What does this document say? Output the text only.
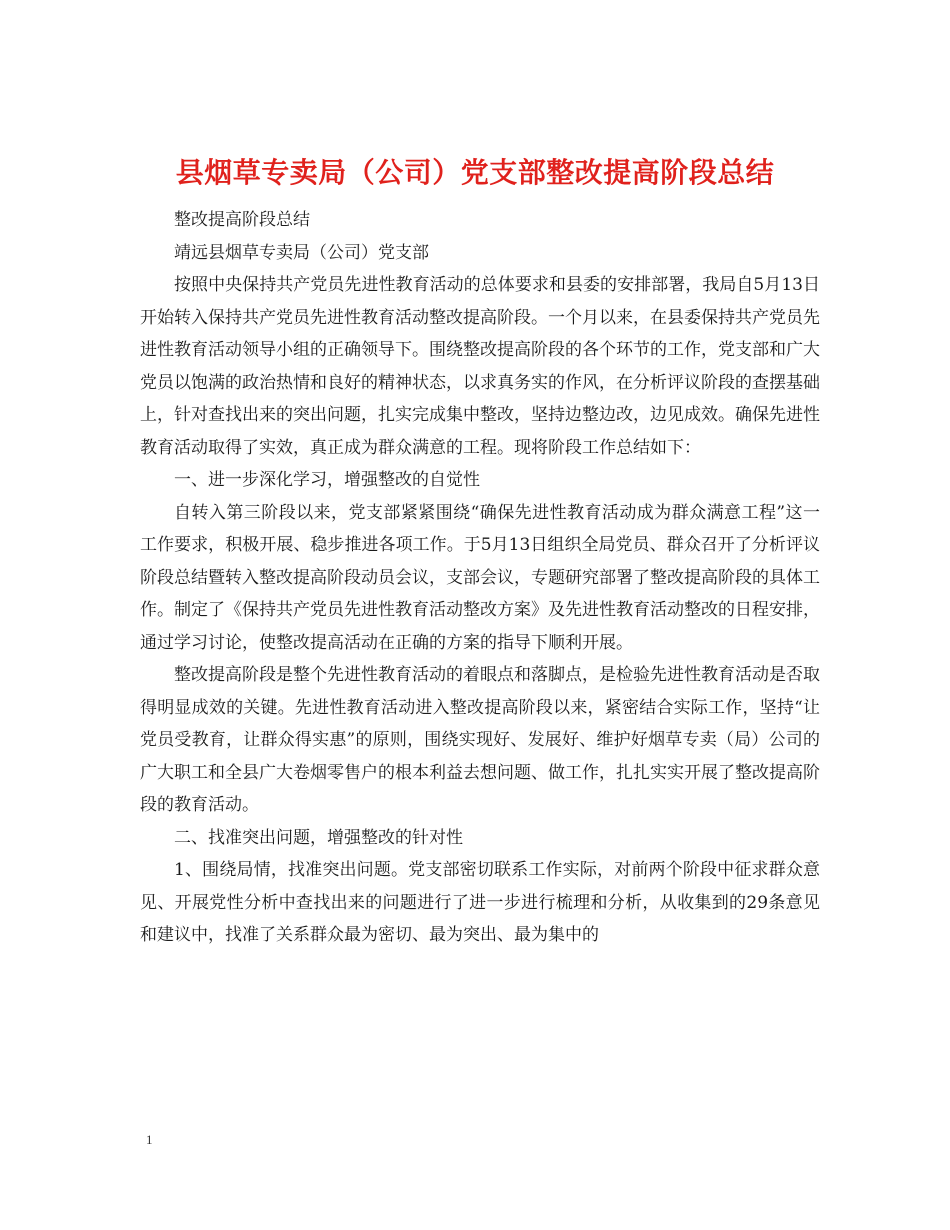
县烟草专卖局（公司）党支部整改提高阶段总结

整改提高阶段总结

靖远县烟草专卖局（公司）党支部

按照中央保持共产党员先进性教育活动的总体要求和县委的安排部署，我局自5月13日开始转入保持共产党员先进性教育活动整改提高阶段。一个月以来，在县委保持共产党员先进性教育活动领导小组的正确领导下。围绕整改提高阶段的各个环节的工作，党支部和广大党员以饱满的政治热情和良好的精神状态，以求真务实的作风，在分析评议阶段的查摆基础上，针对查找出来的突出问题，扎实完成集中整改，坚持边整边改，边见成效。确保先进性教育活动取得了实效，真正成为群众满意的工程。现将阶段工作总结如下：

一、进一步深化学习，增强整改的自觉性

自转入第三阶段以来，党支部紧紧围绕“确保先进性教育活动成为群众满意工程”这一工作要求，积极开展、稳步推进各项工作。于5月13日组织全局党员、群众召开了分析评议阶段总结暨转入整改提高阶段动员会议，支部会议，专题研究部署了整改提高阶段的具体工作。制定了《保持共产党员先进性教育活动整改方案》及先进性教育活动整改的日程安排，通过学习讨论，使整改提高活动在正确的方案的指导下顺利开展。

整改提高阶段是整个先进性教育活动的着眼点和落脚点，是检验先进性教育活动是否取得明显成效的关键。先进性教育活动进入整改提高阶段以来，紧密结合实际工作，坚持“让党员受教育，让群众得实惠”的原则，围绕实现好、发展好、维护好烟草专卖（局）公司的广大职工和全县广大卷烟零售户的根本利益去想问题、做工作，扎扎实实开展了整改提高阶段的教育活动。

二、找准突出问题，增强整改的针对性

1、围绕局情，找准突出问题。党支部密切联系工作实际，对前两个阶段中征求群众意见、开展党性分析中查找出来的问题进行了进一步进行梳理和分析，从收集到的29条意见和建议中，找准了关系群众最为密切、最为突出、最为集中的

1
